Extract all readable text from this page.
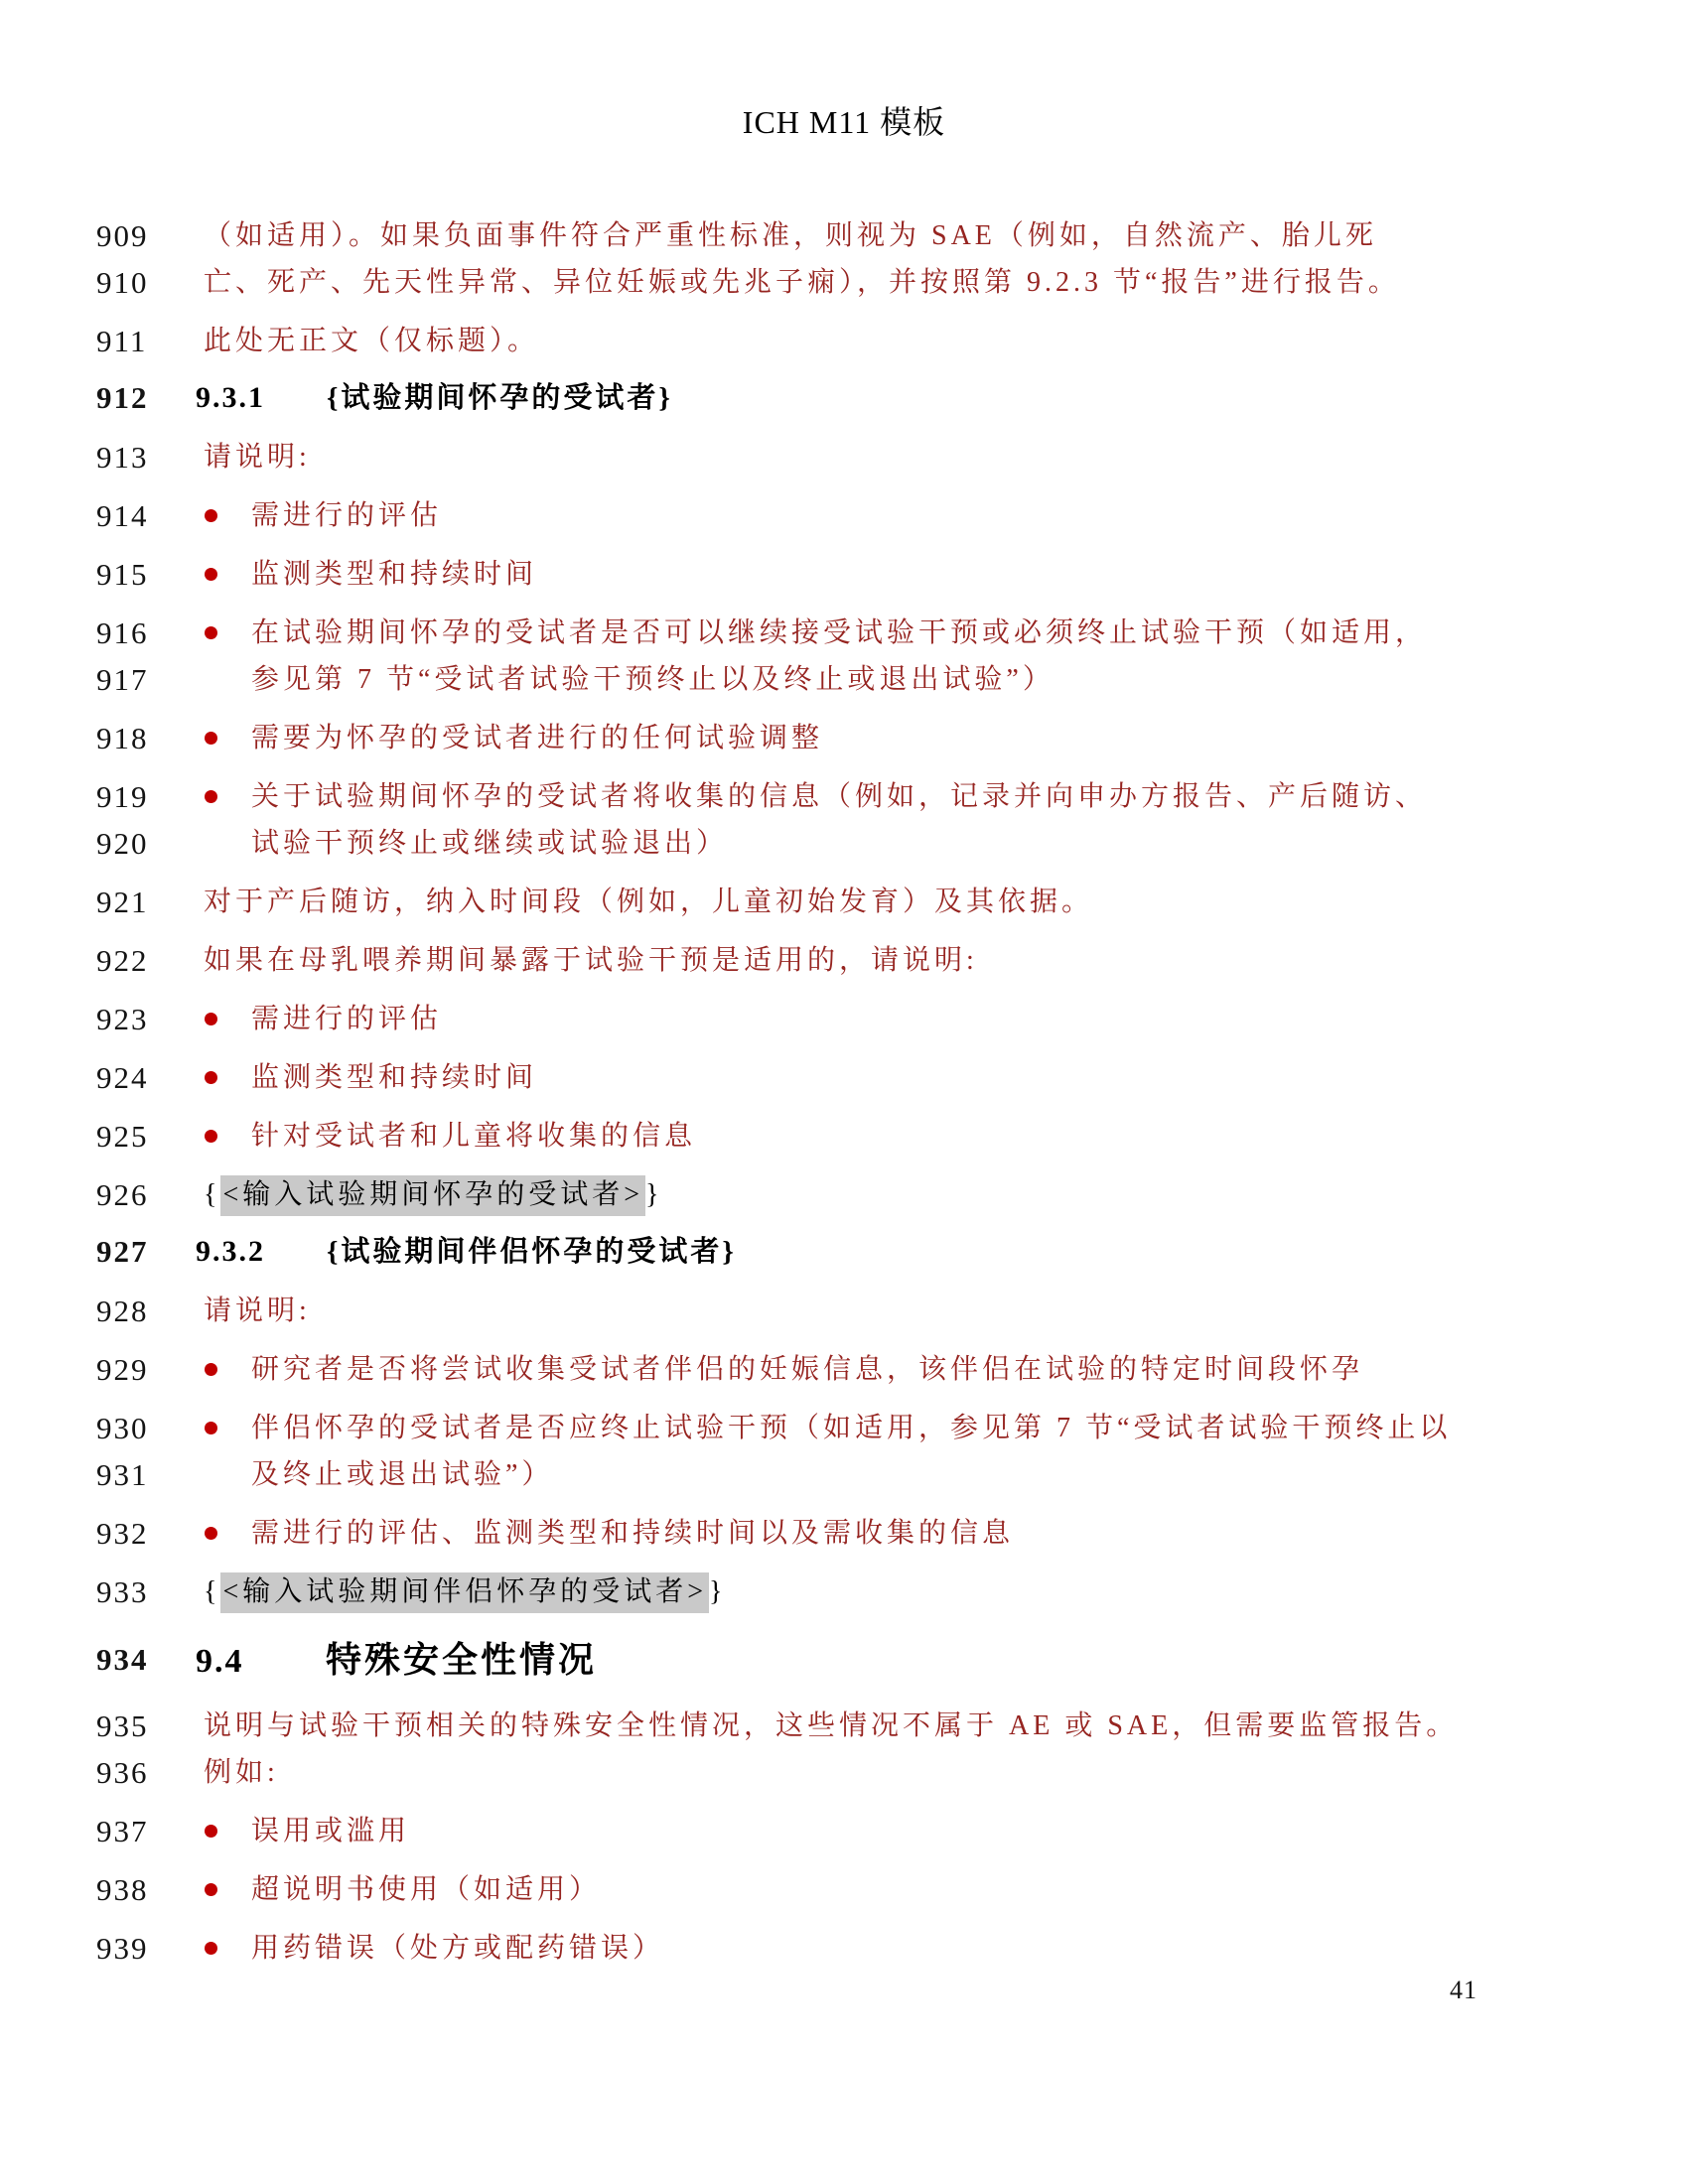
ICH M11 模板
909 （如适用）。如果负面事件符合严重性标准，则视为 SAE（例如，自然流产、胎儿死
910 亡、死产、先天性异常、异位妊娠或先兆子痫），并按照第 9.2.3 节“报告”进行报告。
911 此处无正文（仅标题）。
912 9.3.1 {试验期间怀孕的受试者}
913 请说明:
914	需进行的评估
915	监测类型和持续时间
916	在试验期间怀孕的受试者是否可以继续接受试验干预或必须终止试验干预（如适用，
917	参见第 7 节“受试者试验干预终止以及终止或退出试验”）
918	需要为怀孕的受试者进行的任何试验调整
919	关于试验期间怀孕的受试者将收集的信息（例如，记录并向申办方报告、产后随访、
920	试验干预终止或继续或试验退出）
921 对于产后随访，纳入时间段（例如，儿童初始发育）及其依据。
922 如果在母乳喂养期间暴露于试验干预是适用的，请说明:
923	需进行的评估
924	监测类型和持续时间
925	针对受试者和儿童将收集的信息
926 {<输入试验期间怀孕的受试者>}
927 9.3.2 {试验期间伴侣怀孕的受试者}
928 请说明:
929	研究者是否将尝试收集受试者伴侣的妊娠信息，该伴侣在试验的特定时间段怀孕
930	伴侣怀孕的受试者是否应终止试验干预（如适用，参见第 7 节“受试者试验干预终止以
931	及终止或退出试验”）
932	需进行的评估、监测类型和持续时间以及需收集的信息
933 {<输入试验期间伴侣怀孕的受试者>}
934 9.4 特殊安全性情况
935 说明与试验干预相关的特殊安全性情况，这些情况不属于 AE 或 SAE，但需要监管报告。
936 例如:
937	误用或滥用
938	超说明书使用（如适用）
939	用药错误（处方或配药错误）
41
